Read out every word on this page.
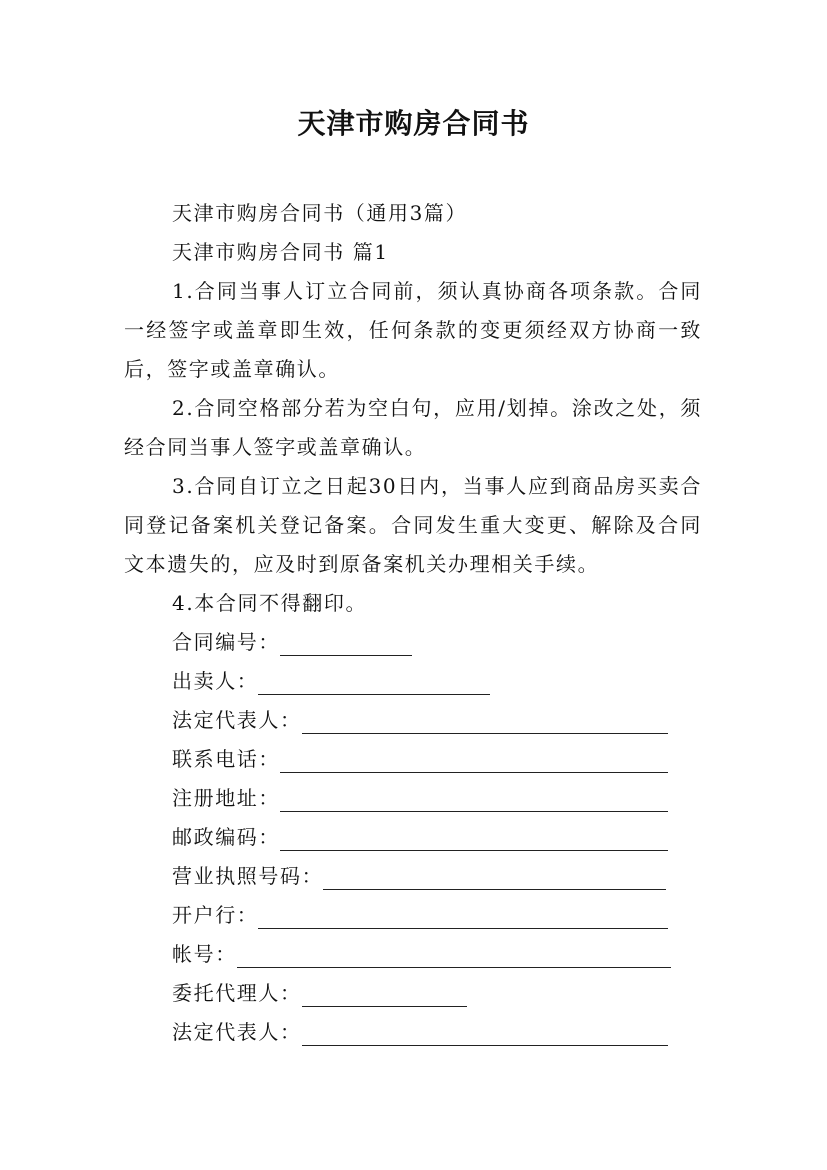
天津市购房合同书

天津市购房合同书（通用3篇）

天津市购房合同书 篇1

1.合同当事人订立合同前，须认真协商各项条款。合同一经签字或盖章即生效，任何条款的变更须经双方协商一致后，签字或盖章确认。

2.合同空格部分若为空白句，应用/划掉。涂改之处，须经合同当事人签字或盖章确认。

3.合同自订立之日起30日内，当事人应到商品房买卖合同登记备案机关登记备案。合同发生重大变更、解除及合同文本遗失的，应及时到原备案机关办理相关手续。

4.本合同不得翻印。

合同编号：
出卖人：
法定代表人：
联系电话：
注册地址：
邮政编码：
营业执照号码：
开户行：
帐号：
委托代理人：
法定代表人：
